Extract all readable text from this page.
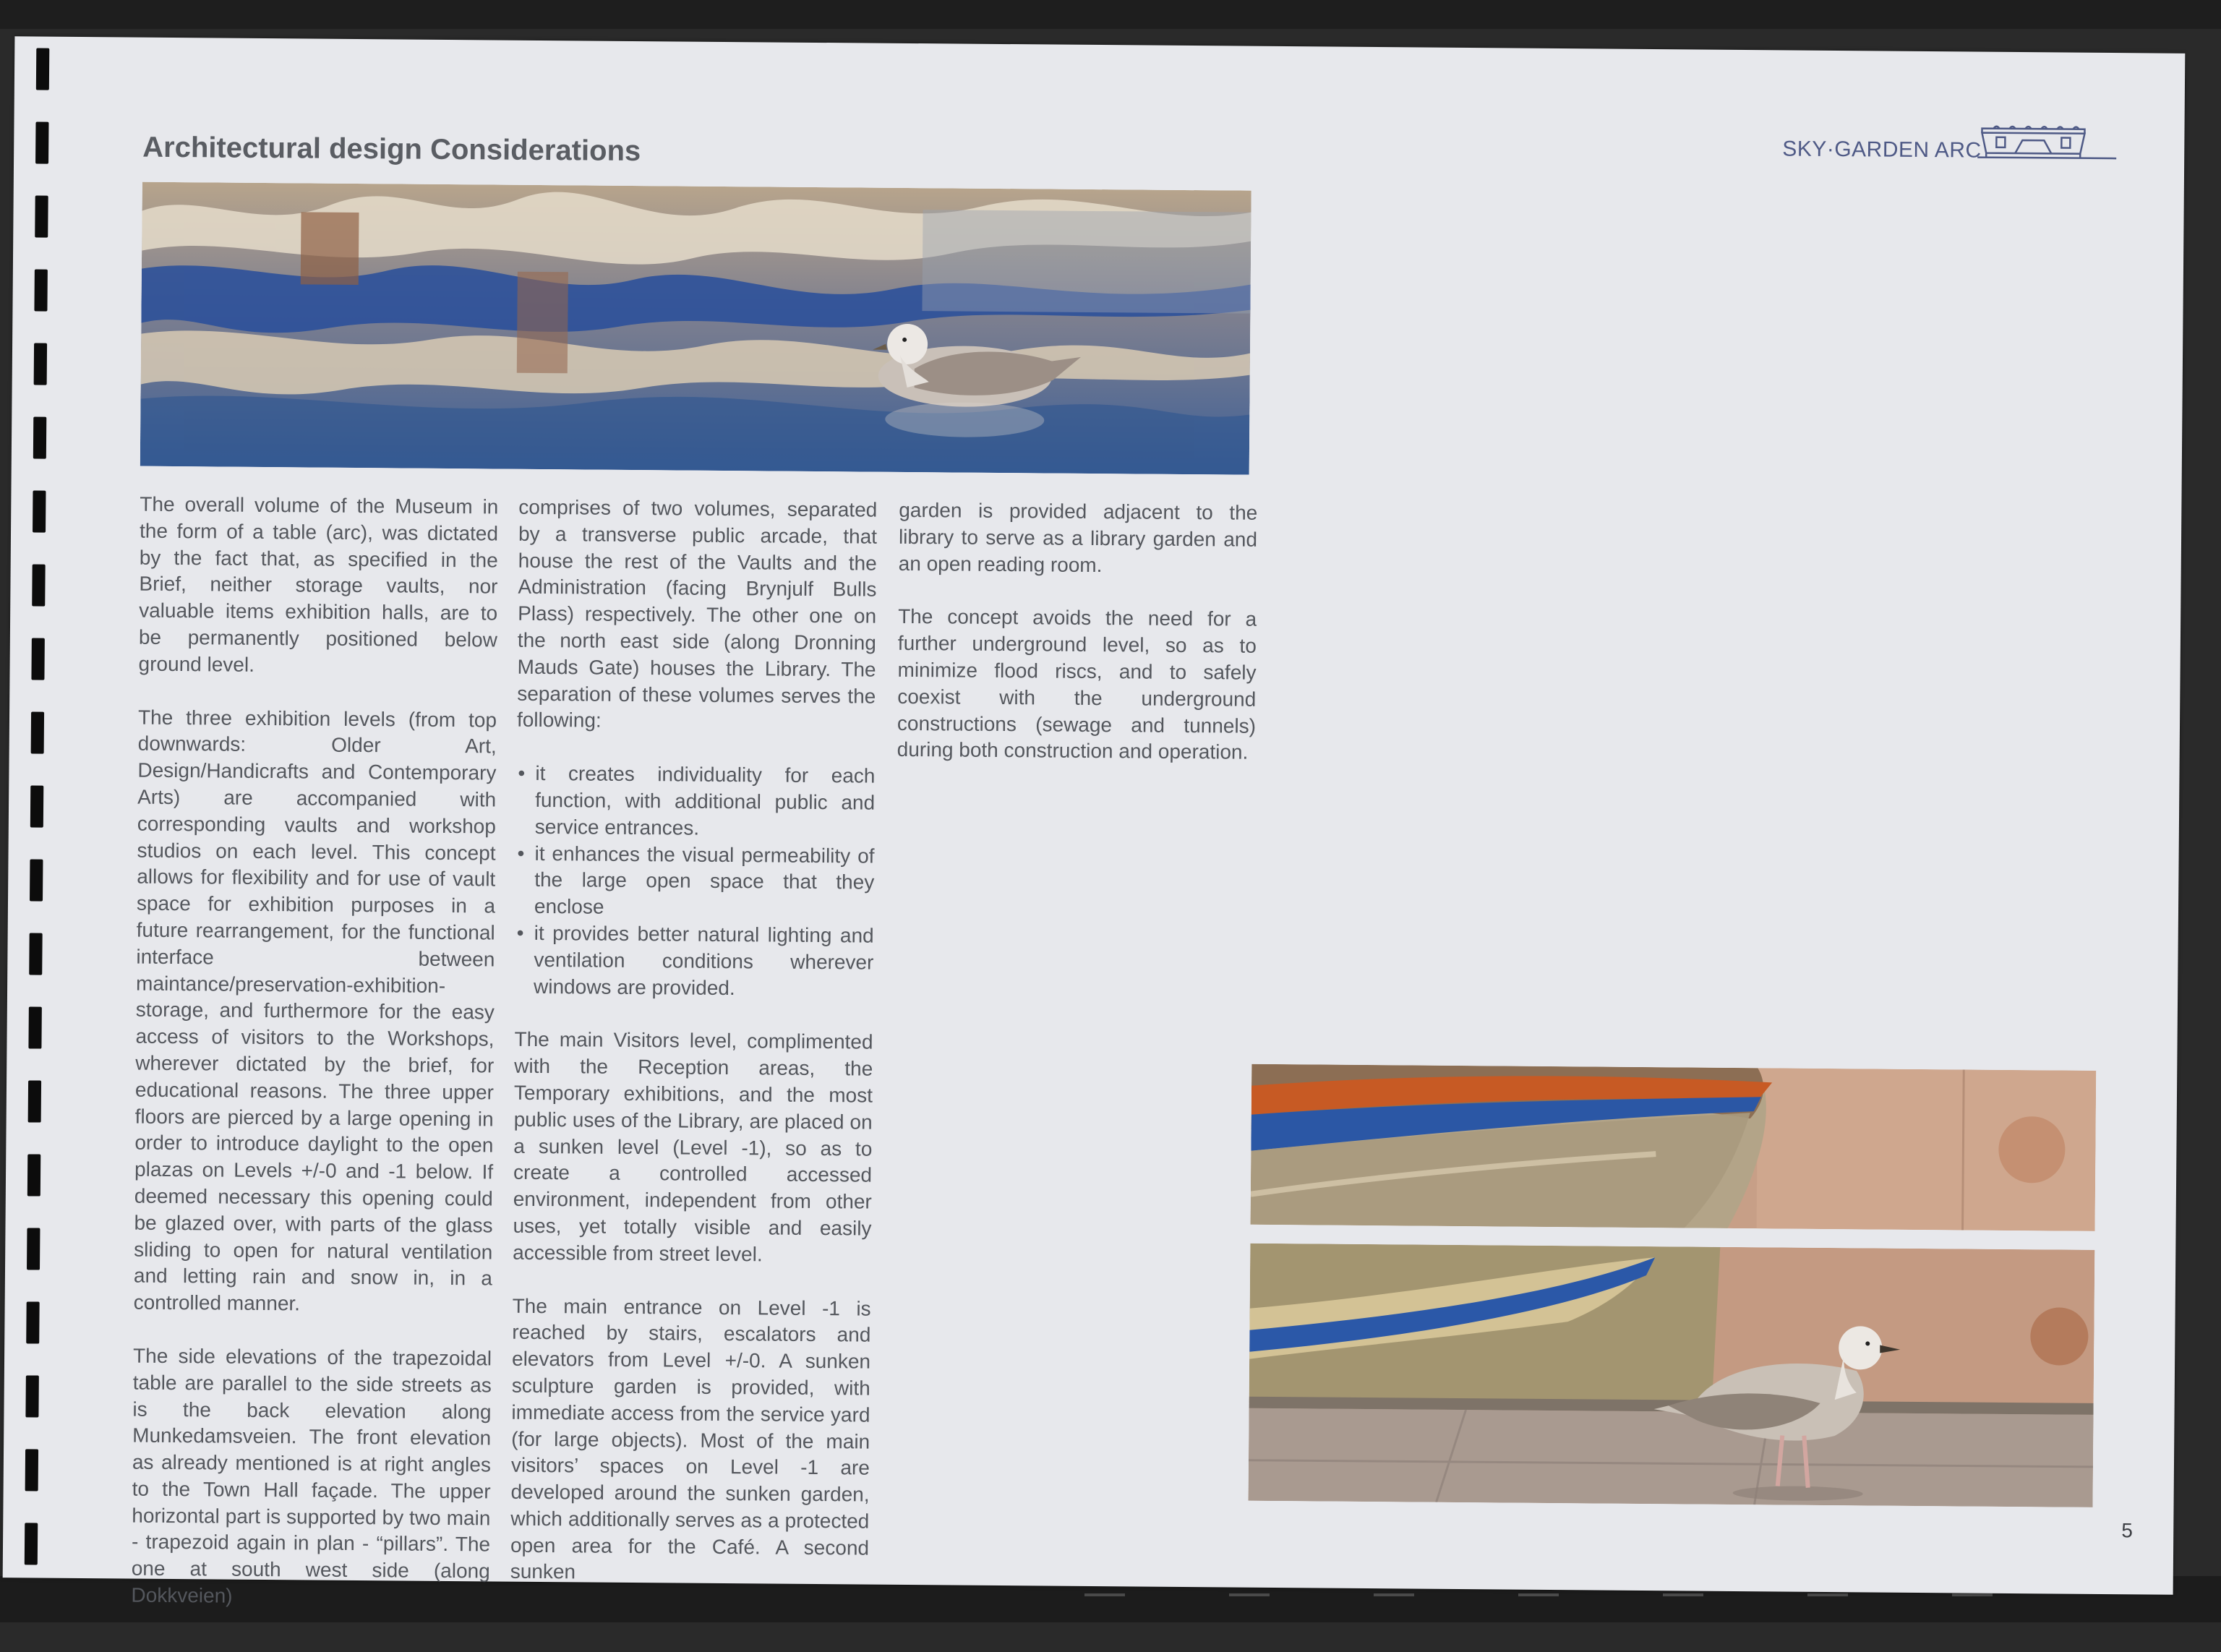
Architectural design Considerations	SKY·GARDEN ARC

The overall volume of the Museum in the form of a table (arc), was dictated by the fact that, as specified in the Brief, neither storage vaults, nor valuable items exhibition halls, are to be permanently positioned below ground level.

The three exhibition levels (from top downwards: Older Art, Design/Handicrafts and Contemporary Arts) are accompanied with corresponding vaults and workshop studios on each level. This concept allows for flexibility and for use of vault space for exhibition purposes in a future rearrangement, for the functional interface between maintance/preservation-exhibition- storage, and furthermore for the easy access of visitors to the Workshops, wherever dictated by the brief, for educational reasons. The three upper floors are pierced by a large opening in order to introduce daylight to the open plazas on Levels +/-0 and -1 below. If deemed necessary this opening could be glazed over, with parts of the glass sliding to open for natural ventilation and letting rain and snow in, in a controlled manner.

The side elevations of the trapezoidal table are parallel to the side streets as is the back elevation along Munkedamsveien. The front elevation as already mentioned is at right angles to the Town Hall façade. The upper horizontal part is supported by two main - trapezoid again in plan - “pillars”. The one at south west side (along Dokkveien)

comprises of two volumes, separated by a transverse public arcade, that house the rest of the Vaults and the Administration (facing Brynjulf Bulls Plass) respectively. The other one on the north east side (along Dronning Mauds Gate) houses the Library. The separation of these volumes serves the following:

• it creates individuality for each function, with additional public and service entrances.
• it enhances the visual permeability of the large open space that they enclose
• it provides better natural lighting and ventilation conditions wherever windows are provided.

The main Visitors level, complimented with the Reception areas, the Temporary exhibitions, and the most public uses of the Library, are placed on a sunken level (Level -1), so as to create a controlled accessed environment, independent from other uses, yet totally visible and easily accessible from street level.

The main entrance on Level -1 is reached by stairs, escalators and elevators from Level +/-0. A sunken sculpture garden is provided, with immediate access from the service yard (for large objects). Most of the main visitors’ spaces on Level -1 are developed around the sunken garden, which additionally serves as a protected open area for the Café. A second sunken

garden is provided adjacent to the library to serve as a library garden and an open reading room.

The concept avoids the need for a further underground level, so as to minimize flood riscs, and to safely coexist with the underground constructions (sewage and tunnels) during both construction and operation.

5
